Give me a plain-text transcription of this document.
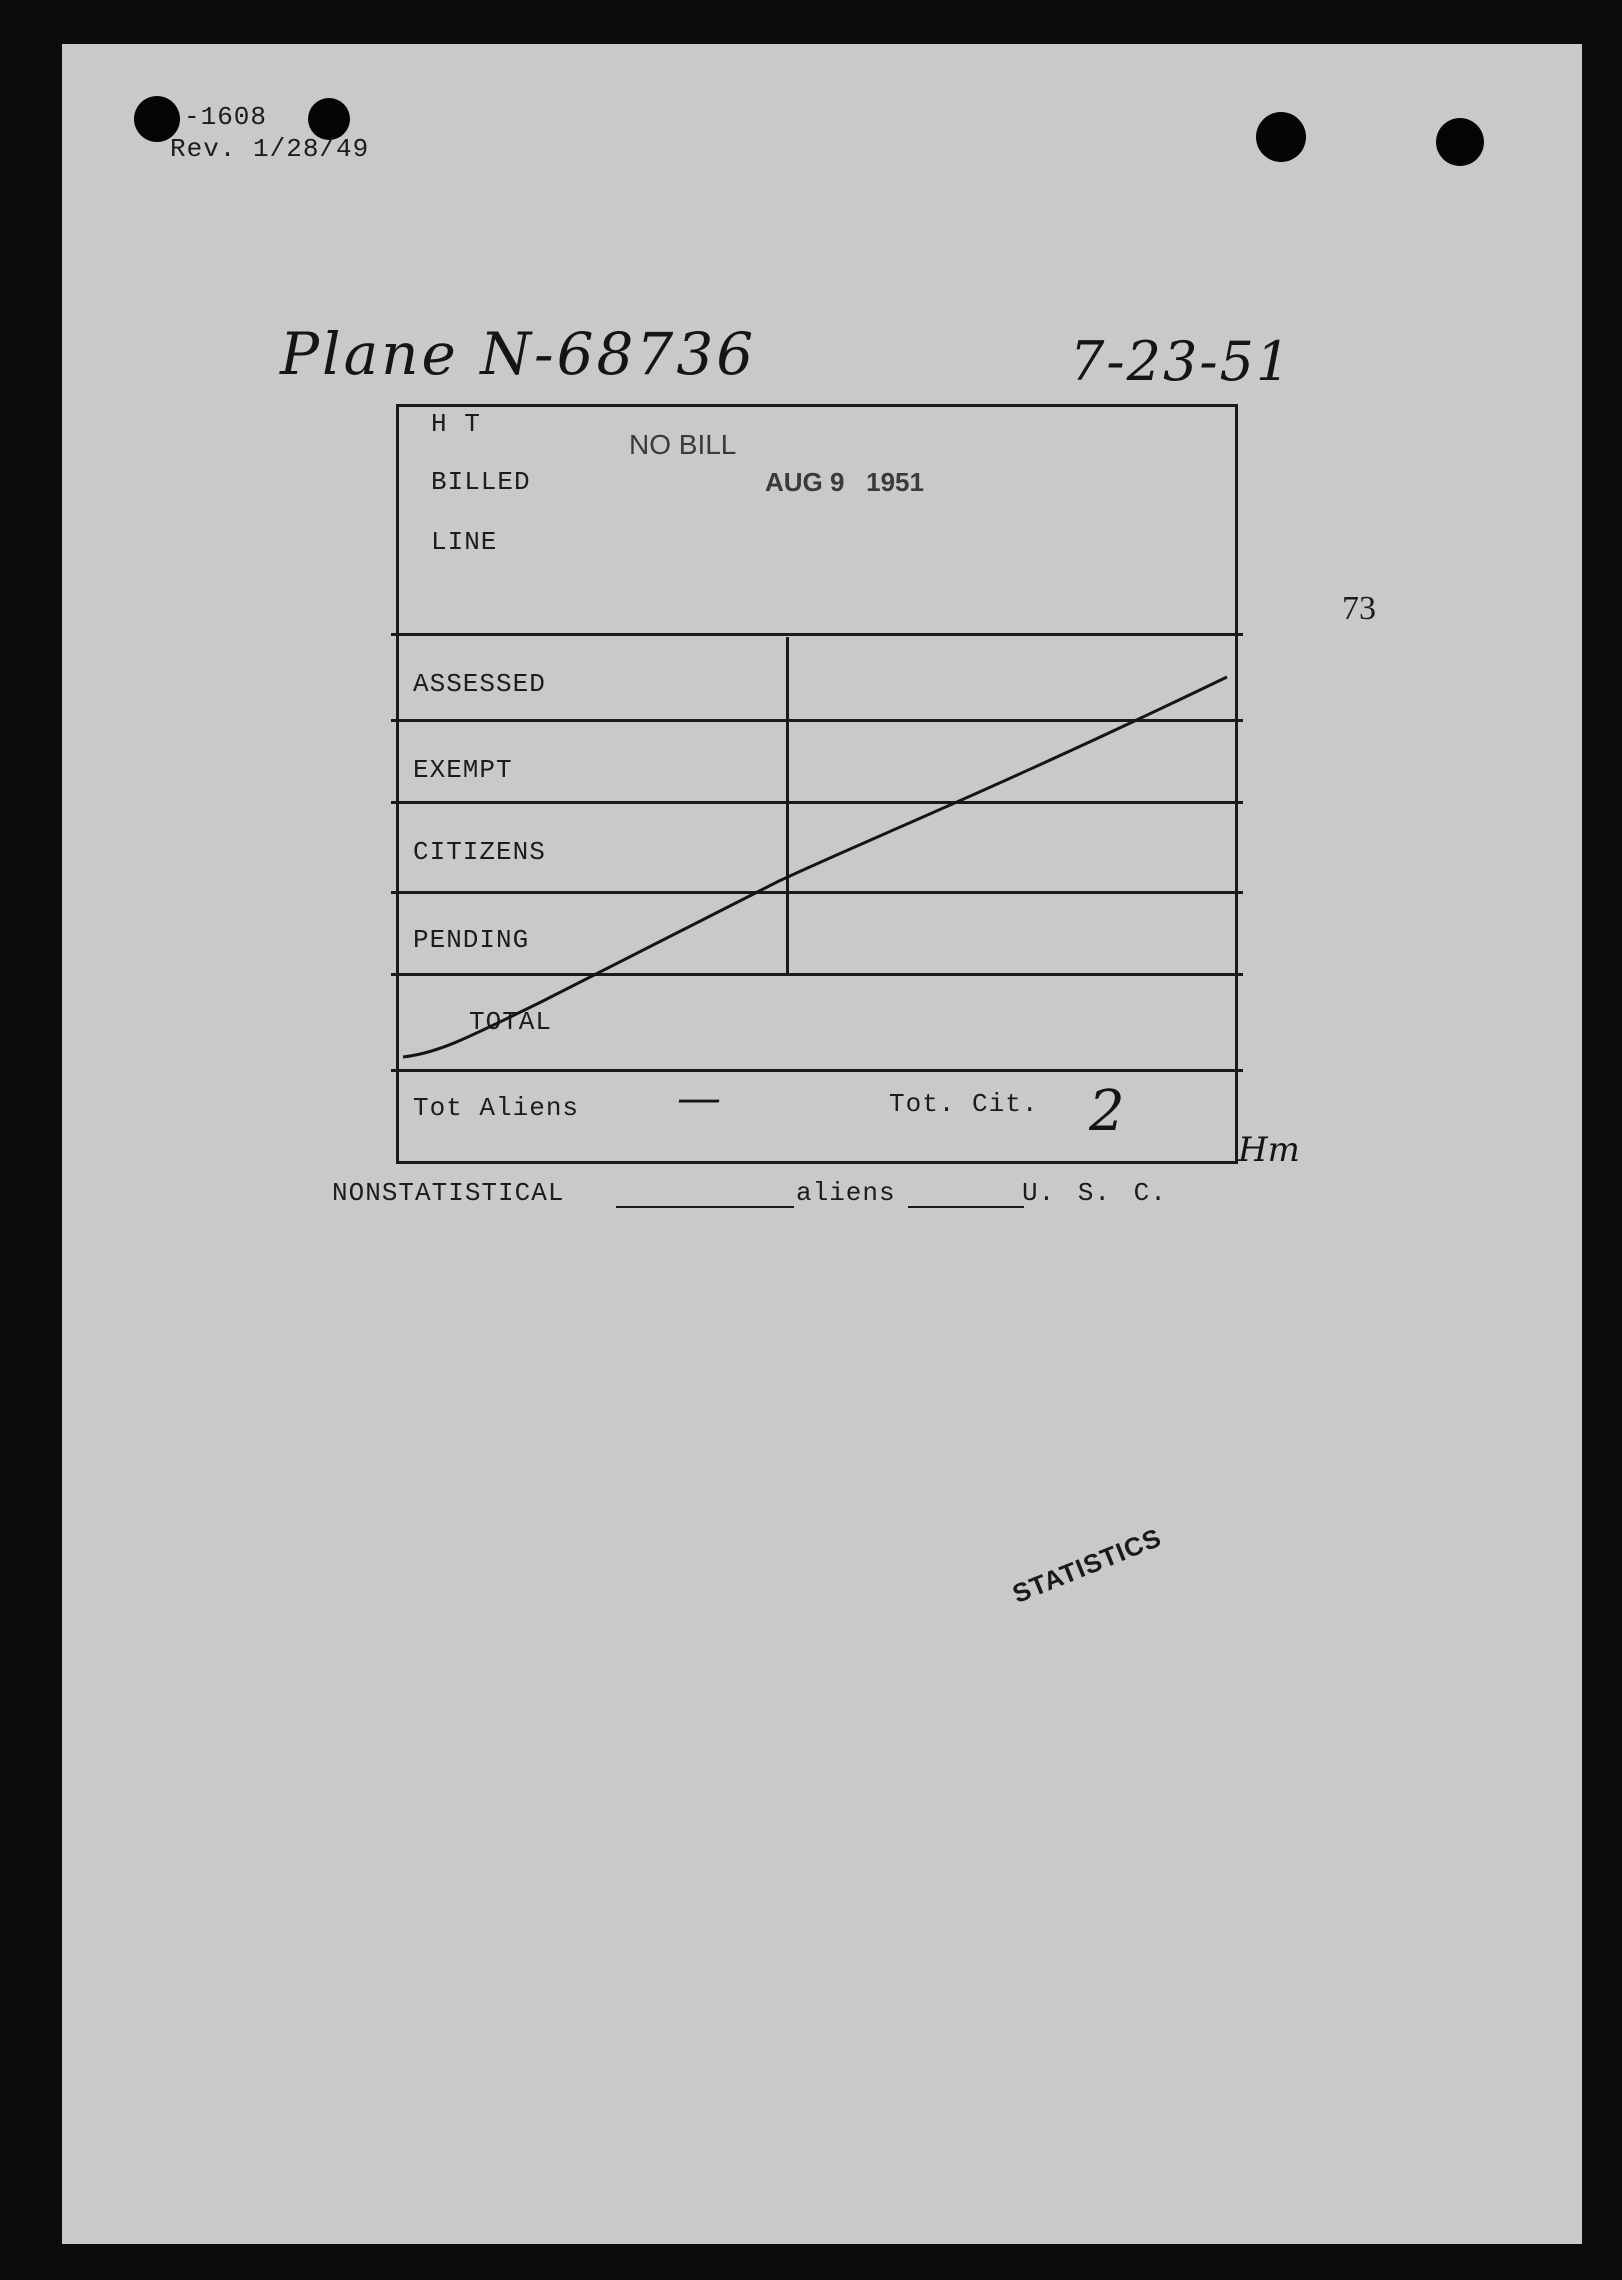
-1608
Rev. 1/28/49
Plane N-68736	7-23-51
73
H T
NO BILL
BILLED	AUG 9   1951
LINE
ASSESSED
EXEMPT
CITIZENS
PENDING
TOTAL
Tot Aliens —	Tot. Cit. 2
Hm
NONSTATISTICAL	aliens	U. S. C.
STATISTICS
